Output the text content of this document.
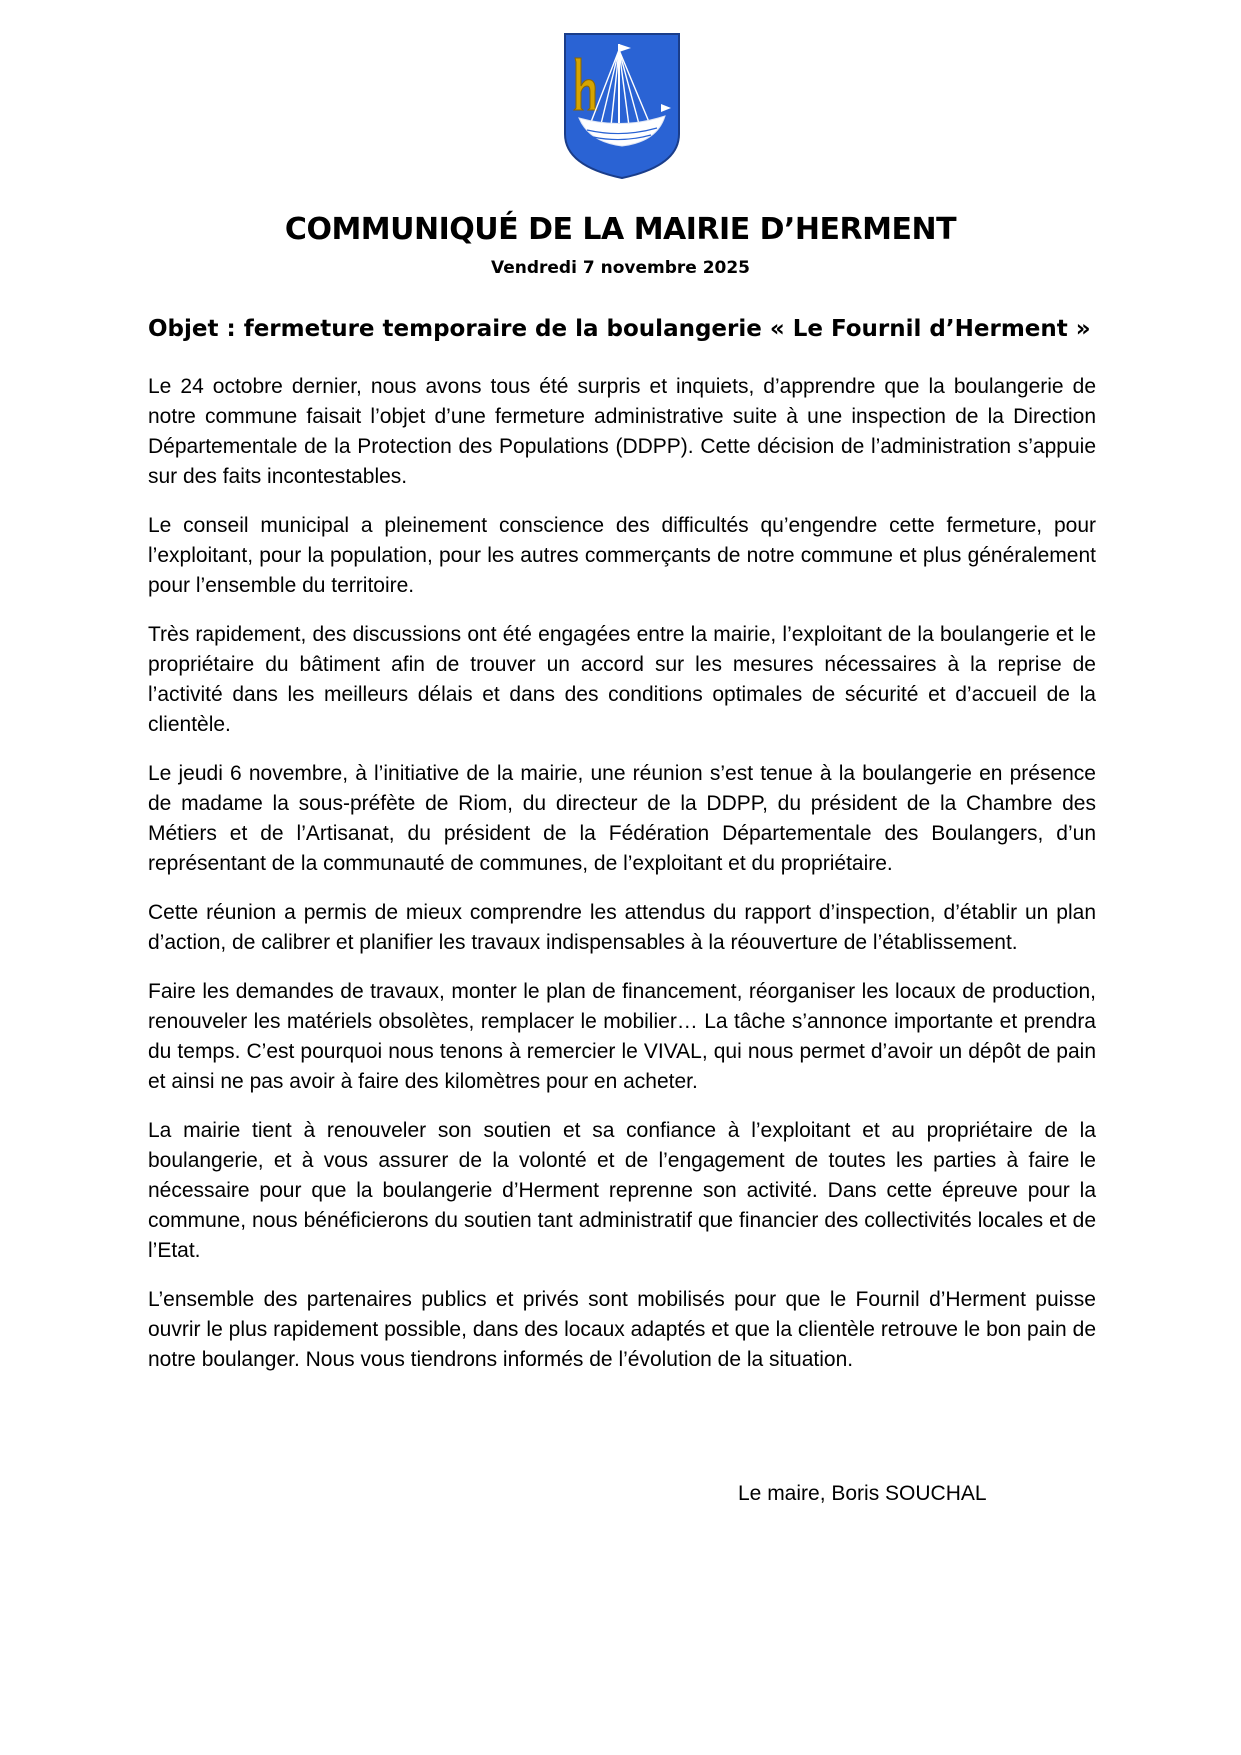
COMMUNIQUÉ DE LA MAIRIE D’HERMENT
Vendredi 7 novembre 2025
Objet : fermeture temporaire de la boulangerie « Le Fournil d’Herment »

Le 24 octobre dernier, nous avons tous été surpris et inquiets, d’apprendre que la boulangerie de notre commune faisait l’objet d’une fermeture administrative suite à une inspection de la Direction Départementale de la Protection des Populations (DDPP). Cette décision de l’administration s’appuie sur des faits incontestables.

Le conseil municipal a pleinement conscience des difficultés qu’engendre cette fermeture, pour l’exploitant, pour la population, pour les autres commerçants de notre commune et plus généralement pour l’ensemble du territoire.

Très rapidement, des discussions ont été engagées entre la mairie, l’exploitant de la boulangerie et le propriétaire du bâtiment afin de trouver un accord sur les mesures nécessaires à la reprise de l’activité dans les meilleurs délais et dans des conditions optimales de sécurité et d’accueil de la clientèle.

Le jeudi 6 novembre, à l’initiative de la mairie, une réunion s’est tenue à la boulangerie en présence de madame la sous-préfète de Riom, du directeur de la DDPP, du président de la Chambre des Métiers et de l’Artisanat, du président de la Fédération Départementale des Boulangers, d’un représentant de la communauté de communes, de l’exploitant et du propriétaire.

Cette réunion a permis de mieux comprendre les attendus du rapport d’inspection, d’établir un plan d’action, de calibrer et planifier les travaux indispensables à la réouverture de l’établissement.

Faire les demandes de travaux, monter le plan de financement, réorganiser les locaux de production, renouveler les matériels obsolètes, remplacer le mobilier… La tâche s’annonce importante et prendra du temps. C’est pourquoi nous tenons à remercier le VIVAL, qui nous permet d’avoir un dépôt de pain et ainsi ne pas avoir à faire des kilomètres pour en acheter.

La mairie tient à renouveler son soutien et sa confiance à l’exploitant et au propriétaire de la boulangerie, et à vous assurer de la volonté et de l’engagement de toutes les parties à faire le nécessaire pour que la boulangerie d’Herment reprenne son activité. Dans cette épreuve pour la commune, nous bénéficierons du soutien tant administratif que financier des collectivités locales et de l’Etat.

L’ensemble des partenaires publics et privés sont mobilisés pour que le Fournil d’Herment puisse ouvrir le plus rapidement possible, dans des locaux adaptés et que la clientèle retrouve le bon pain de notre boulanger. Nous vous tiendrons informés de l’évolution de la situation.

Le maire, Boris SOUCHAL
